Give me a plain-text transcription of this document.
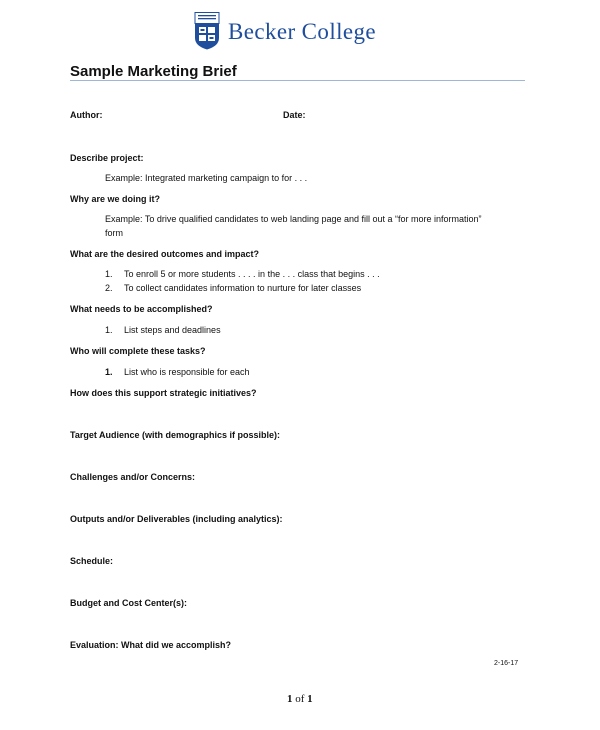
Becker College
Sample Marketing Brief
Author:	Date:
Describe project:
Example: Integrated marketing campaign to for . . .
Why are we doing it?
Example: To drive qualified candidates to web landing page and fill out a “for more information”
form
What are the desired outcomes and impact?
1. To enroll 5 or more students . . . . in the . . . class that begins . . .
2. To collect candidates information to nurture for later classes
What needs to be accomplished?
1. List steps and deadlines
Who will complete these tasks?
1. List who is responsible for each
How does this support strategic initiatives?
Target Audience (with demographics if possible):
Challenges and/or Concerns:
Outputs and/or Deliverables (including analytics):
Schedule:
Budget and Cost Center(s):
Evaluation: What did we accomplish?
2-16-17
1 of 1
